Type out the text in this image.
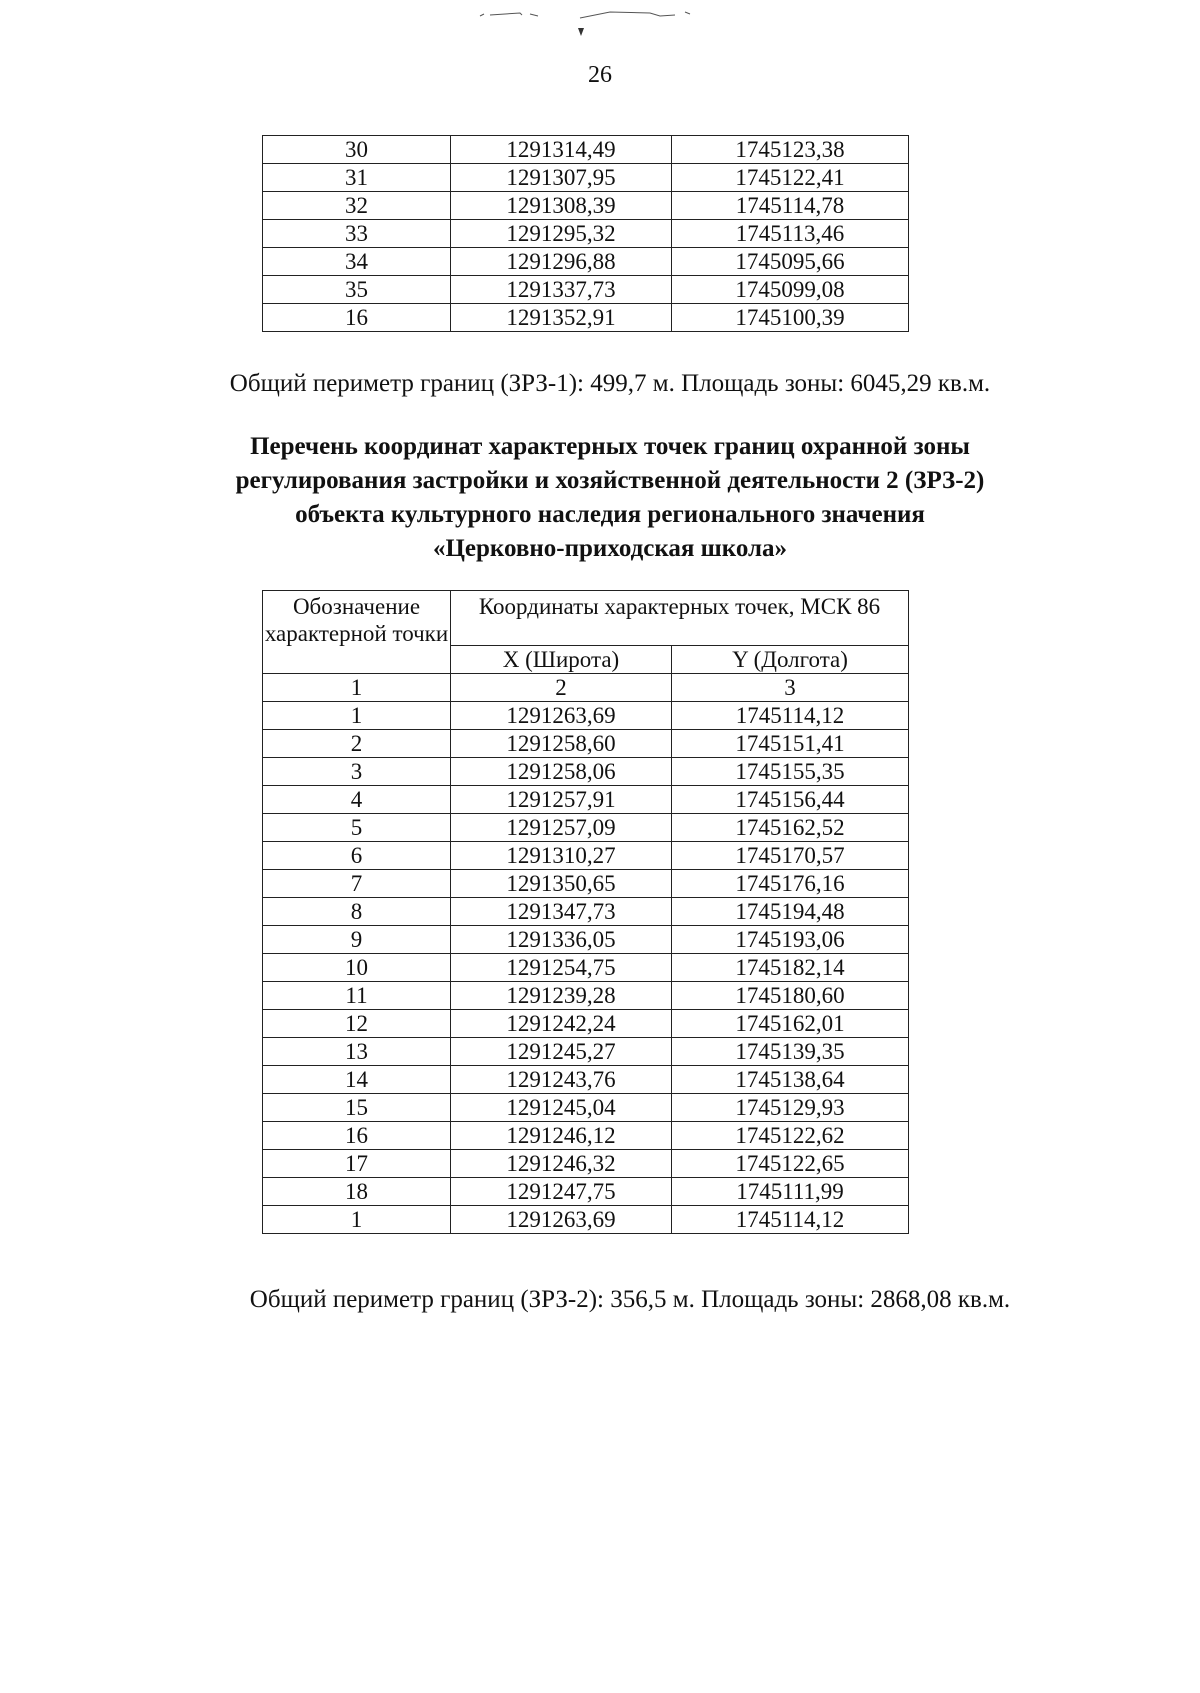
26
30	1291314,49	1745123,38
31	1291307,95	1745122,41
32	1291308,39	1745114,78
33	1291295,32	1745113,46
34	1291296,88	1745095,66
35	1291337,73	1745099,08
16	1291352,91	1745100,39
Общий периметр границ (ЗРЗ-1): 499,7 м. Площадь зоны: 6045,29 кв.м.
Перечень координат характерных точек границ охранной зоны
регулирования застройки и хозяйственной деятельности 2 (ЗРЗ-2)
объекта культурного наследия регионального значения
«Церковно-приходская школа»
Обозначение характерной точки	Координаты характерных точек, МСК 86	
	X (Широта)	Y (Долгота)
1	2	3
1	1291263,69	1745114,12
2	1291258,60	1745151,41
3	1291258,06	1745155,35
4	1291257,91	1745156,44
5	1291257,09	1745162,52
6	1291310,27	1745170,57
7	1291350,65	1745176,16
8	1291347,73	1745194,48
9	1291336,05	1745193,06
10	1291254,75	1745182,14
11	1291239,28	1745180,60
12	1291242,24	1745162,01
13	1291245,27	1745139,35
14	1291243,76	1745138,64
15	1291245,04	1745129,93
16	1291246,12	1745122,62
17	1291246,32	1745122,65
18	1291247,75	1745111,99
1	1291263,69	1745114,12
Общий периметр границ (ЗРЗ-2): 356,5 м. Площадь зоны: 2868,08 кв.м.
